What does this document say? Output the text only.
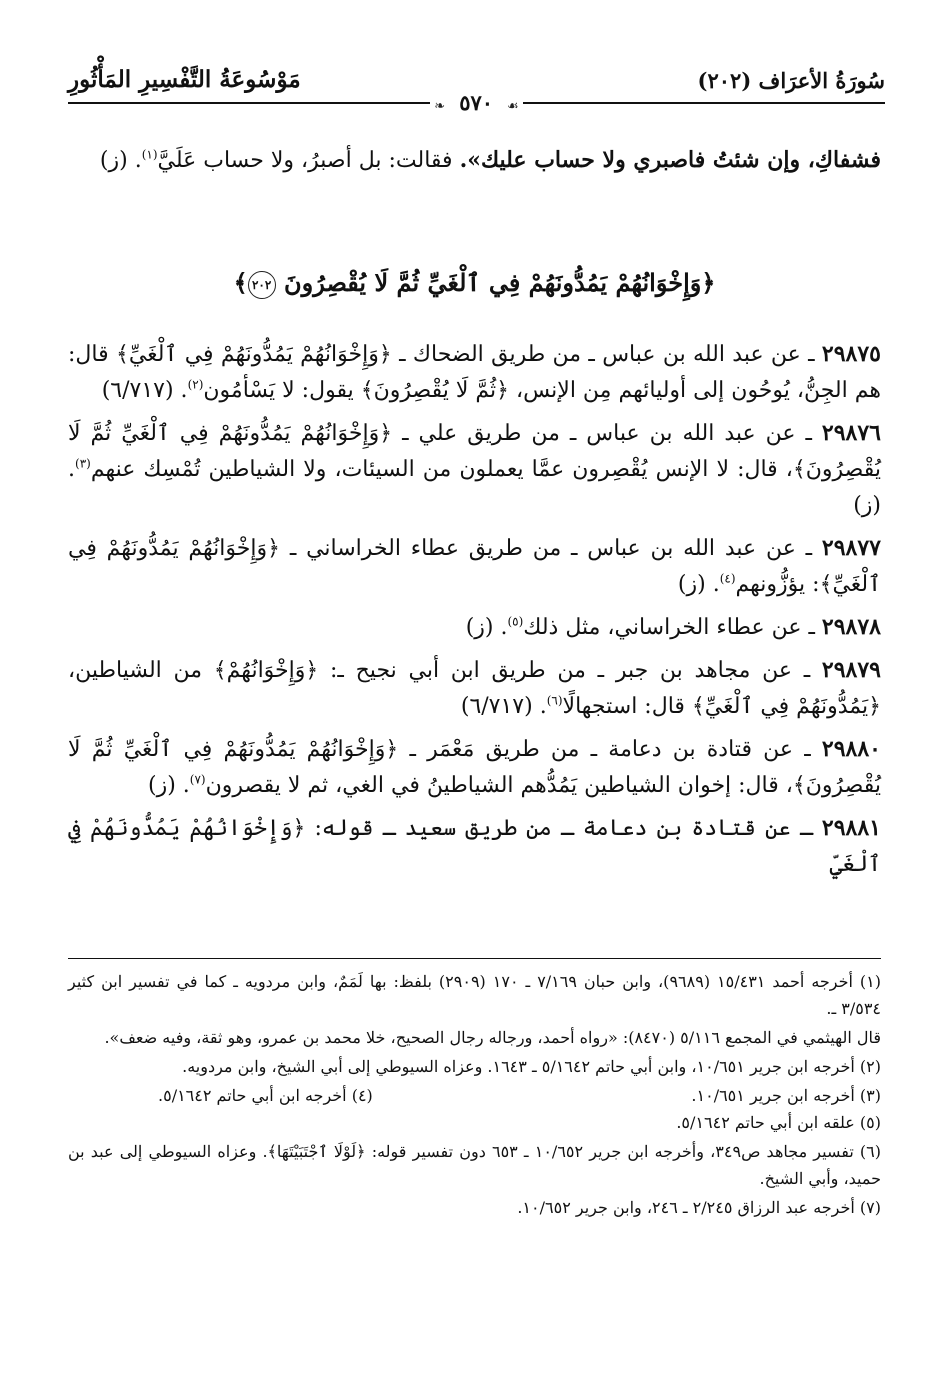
سُورَةُ الأعرَاف (٢٠٢)
مَوْسُوعَةُ التَّفْسِيرِ المَأْثُورِ
❧ ٥٧٠ ☙

فشفاكِ، وإن شئتُ فاصبري ولا حساب عليك». فقالت: بل أصبرُ، ولا حساب عَلَيَّ$^{(١)}$. (ز)

﴿وَإِخْوَانُهُمْ يَمُدُّونَهُمْ فِي ٱلْغَيِّ ثُمَّ لَا يُقْصِرُونَ ٢٠٢﴾

٢٩٨٧٥ ـ عن عبد الله بن عباس ـ من طريق الضحاك ـ ﴿وَإِخْوَانُهُمْ يَمُدُّونَهُمْ فِي ٱلْغَيِّ﴾ قال: هم الجِنُّ، يُوحُون إلى أوليائهم مِن الإنس، ﴿ثُمَّ لَا يُقْصِرُونَ﴾ يقول: لا يَسْأمُون$^{(٢)}$. (٦/٧١٧)

٢٩٨٧٦ ـ عن عبد الله بن عباس ـ من طريق علي ـ ﴿وَإِخْوَانُهُمْ يَمُدُّونَهُمْ فِي ٱلْغَيِّ ثُمَّ لَا يُقْصِرُونَ﴾، قال: لا الإنس يُقْصِرون عمَّا يعملون من السيئات، ولا الشياطين تُمْسِك عنهم$^{(٣)}$. (ز)

٢٩٨٧٧ ـ عن عبد الله بن عباس ـ من طريق عطاء الخراساني ـ ﴿وَإِخْوَانُهُمْ يَمُدُّونَهُمْ فِي ٱلْغَيِّ﴾: يؤزُّونهم$^{(٤)}$. (ز)

٢٩٨٧٨ ـ عن عطاء الخراساني، مثل ذلك$^{(٥)}$. (ز)

٢٩٨٧٩ ـ عن مجاهد بن جبر ـ من طريق ابن أبي نجيح ـ: ﴿وَإِخْوَانُهُمْ﴾ من الشياطين، ﴿يَمُدُّونَهُمْ فِي ٱلْغَيِّ﴾ قال: استجهالًا$^{(٦)}$. (٦/٧١٧)

٢٩٨٨٠ ـ عن قتادة بن دعامة ـ من طريق مَعْمَر ـ ﴿وَإِخْوَانُهُمْ يَمُدُّونَهُمْ فِي ٱلْغَيِّ ثُمَّ لَا يُقْصِرُونَ﴾، قال: إخوان الشياطين يَمُدُّهم الشياطينُ في الغي، ثم لا يقصرون$^{(٧)}$. (ز)

٢٩٨٨١ ـ عن قتادة بن دعامة ـ من طريق سعيد ـ قوله: ﴿وَإِخْوَانُهُمْ يَمُدُّونَهُمْ فِي ٱلْغَيِّ

(١) أخرجه أحمد ١٥/٤٣١ (٩٦٨٩)، وابن حبان ٧/١٦٩ ـ ١٧٠ (٢٩٠٩) بلفظ: بها لَمَمٌ، وابن مردويه ـ كما في تفسير ابن كثير ٣/٥٣٤ ـ.

قال الهيثمي في المجمع ٥/١١٦ (٨٤٧٠): «رواه أحمد، ورجاله رجال الصحيح، خلا محمد بن عمرو، وهو ثقة، وفيه ضعف».

(٢) أخرجه ابن جرير ١٠/٦٥١، وابن أبي حاتم ٥/١٦٤٢ ـ ١٦٤٣. وعزاه السيوطي إلى أبي الشيخ، وابن مردويه.

(٣) أخرجه ابن جرير ١٠/٦٥١.
(٤) أخرجه ابن أبي حاتم ٥/١٦٤٢.

(٥) علقه ابن أبي حاتم ٥/١٦٤٢.

(٦) تفسير مجاهد ص٣٤٩، وأخرجه ابن جرير ١٠/٦٥٢ ـ ٦٥٣ دون تفسير قوله: ﴿لَوْلَا ٱجْتَبَيْتَهَا﴾. وعزاه السيوطي إلى عبد بن حميد، وأبي الشيخ.

(٧) أخرجه عبد الرزاق ٢/٢٤٥ ـ ٢٤٦، وابن جرير ١٠/٦٥٢.
